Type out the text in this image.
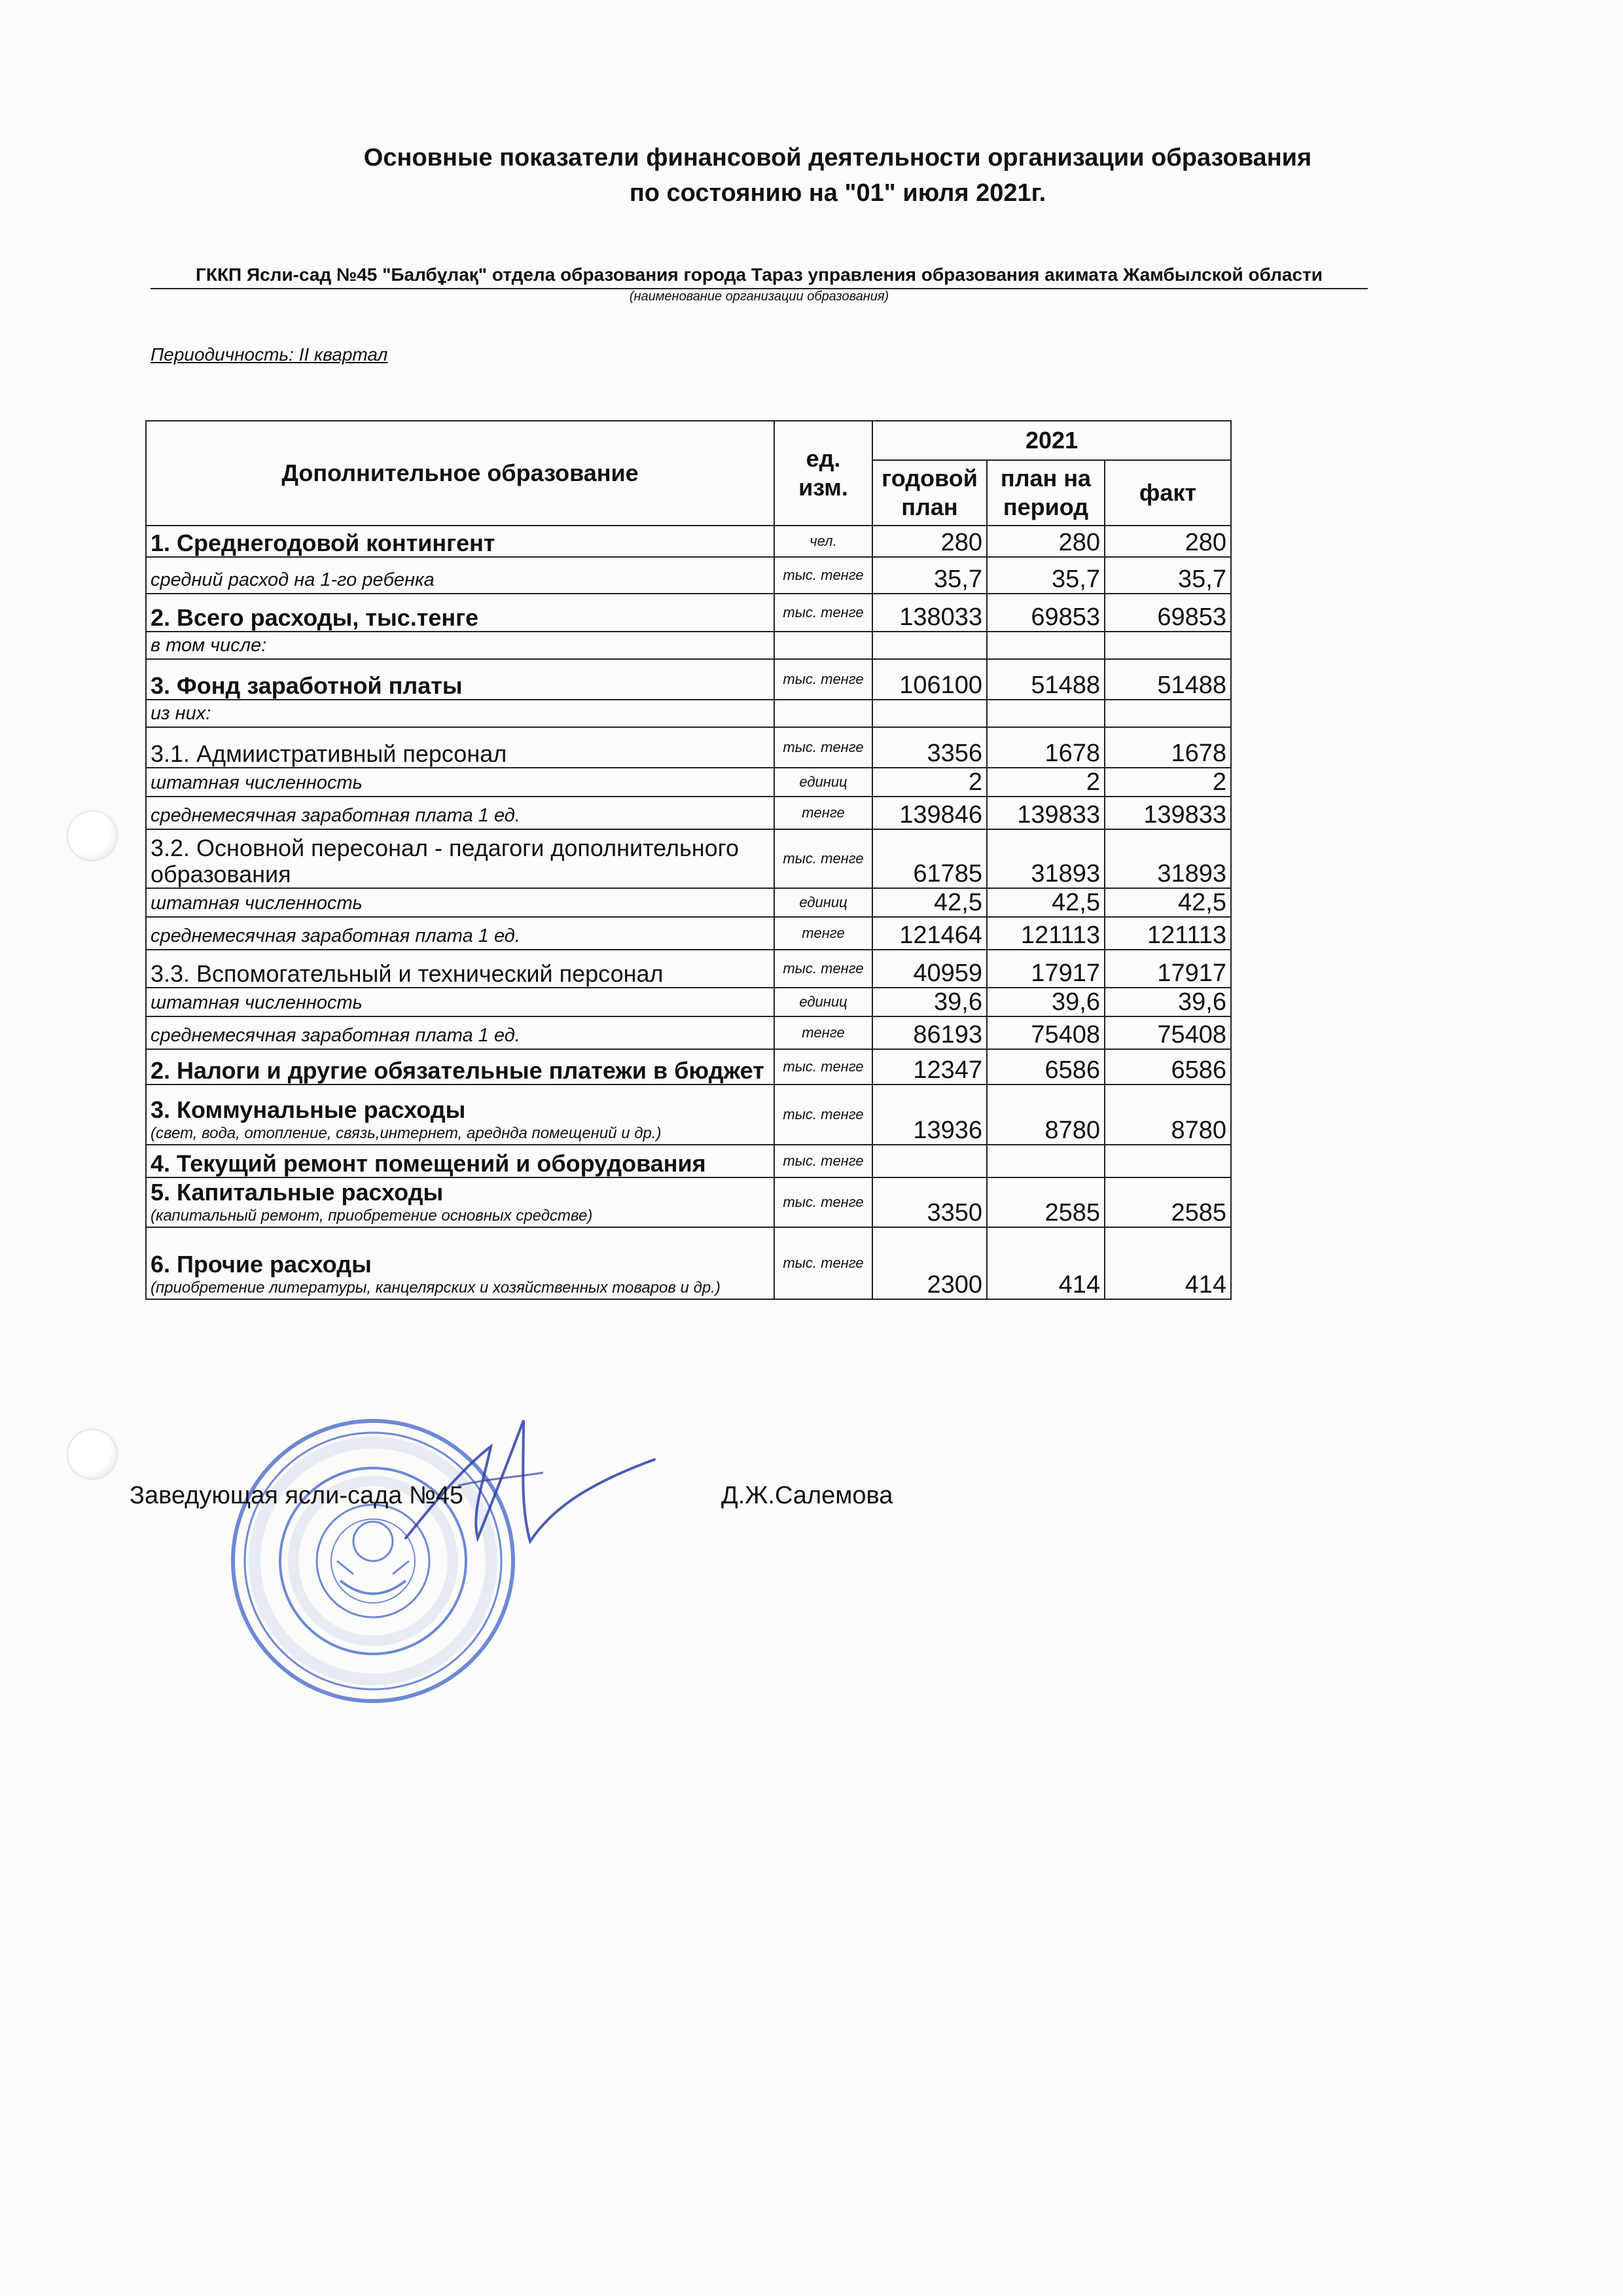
Основные показатели финансовой деятельности организации образования
по состоянию на "01" июля 2021г.
ГККП Ясли-сад №45 "Балбұлақ" отдела образования города Тараз управления образования акимата Жамбылской области
(наименование организации образования)
Периодичность: II квартал
Дополнительное образование	ед. изм.	2021		
		годовой план	план на период	факт
1. Среднегодовой контингент	чел.	280	280	280
средний расход на 1-го ребенка	тыс. тенге	35,7	35,7	35,7
2. Всего расходы, тыс.тенге	тыс. тенге	138033	69853	69853
в том числе:				
3. Фонд заработной платы	тыс. тенге	106100	51488	51488
из них:				
3.1. Адмиистративный персонал	тыс. тенге	3356	1678	1678
штатная численность	единиц	2	2	2
среднемесячная заработная плата 1 ед.	тенге	139846	139833	139833
3.2. Основной пересонал - педагоги дополнительного образования	тыс. тенге	61785	31893	31893
штатная численность	единиц	42,5	42,5	42,5
среднемесячная заработная плата 1 ед.	тенге	121464	121113	121113
3.3. Вспомогательный и технический персонал	тыс. тенге	40959	17917	17917
штатная численность	единиц	39,6	39,6	39,6
среднемесячная заработная плата 1 ед.	тенге	86193	75408	75408
2. Налоги и другие обязательные платежи в бюджет	тыс. тенге	12347	6586	6586
3. Коммунальные расходы
(свет, вода, отопление, связь,интернет, ареднда помещений и др.)	тыс. тенге	13936	8780	8780
4. Текущий ремонт помещений и оборудования	тыс. тенге			
5. Капитальные расходы
(капитальный ремонт, приобретение основных средстве)	тыс. тенге	3350	2585	2585
6. Прочие расходы
(приобретение литературы, канцелярских и хозяйственных товаров и др.)	тыс. тенге	2300	414	414
Заведующая ясли-сада №45	Д.Ж.Салемова
